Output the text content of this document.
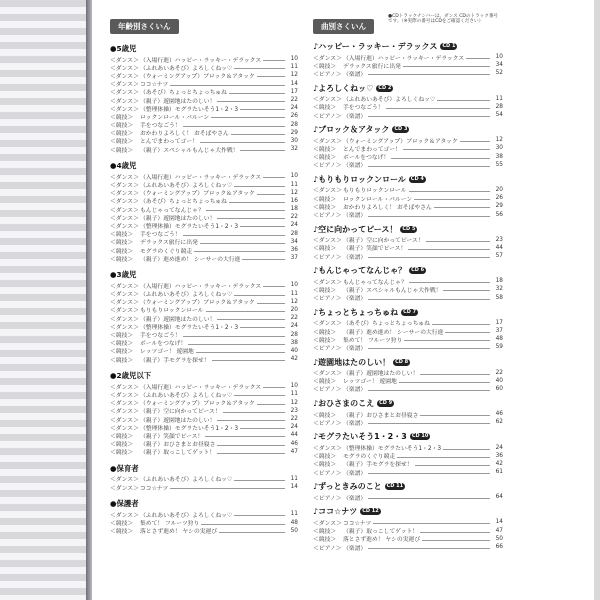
年齢別さくいん
●5歳児
＜ダンス＞ （入場行進）ハッピー・ラッキー・デラックス	10
＜ダンス＞ （ふれあいあそび）よろしくねッ♡	11
＜ダンス＞ （ウォーミングアップ）ブロック＆アタック	12
＜ダンス＞ ココ☆ナツ	14
＜ダンス＞ （あそび）ちょっとちょっちゅね	17
＜ダンス＞ （親子）遊園地はたのしい！	22
＜ダンス＞ （整理体操）モグラたいそう1・2・3	24
＜競技＞	ロックンロール・バルーン	26
＜競技＞	手をつなごう！	28
＜競技＞	おかわりよろしく！ おそばやさん	29
＜競技＞	とんでまわってゴー！	30
＜競技＞	（親子）スペシャルもんじゃ大作戦！	32
●4歳児
＜ダンス＞ （入場行進）ハッピー・ラッキー・デラックス	10
＜ダンス＞ （ふれあいあそび）よろしくねッ♡	11
＜ダンス＞ （ウォーミングアップ）ブロック＆アタック	12
＜ダンス＞ （あそび）ちょっとちょっちゅね	16
＜ダンス＞ もんじゃってなんじゃ？	18
＜ダンス＞ （親子）遊園地はたのしい！	22
＜ダンス＞ （整理体操）モグラたいそう1・2・3	24
＜競技＞	手をつなごう！	28
＜競技＞	デラックス旅行に出発	34
＜競技＞	モグラのくぐり競走	36
＜競技＞	（親子）進め進め！ シーサーの大行進	37
●3歳児
＜ダンス＞ （入場行進）ハッピー・ラッキー・デラックス	10
＜ダンス＞ （ふれあいあそび）よろしくねッ♡	11
＜ダンス＞ （ウォーミングアップ）ブロック＆アタック	12
＜ダンス＞ もりもりロックンロール	20
＜ダンス＞ （親子）遊園地はたのしい！	22
＜ダンス＞ （整理体操）モグラたいそう1・2・3	24
＜競技＞	手をつなごう！	28
＜競技＞	ボールをつなげ！	38
＜競技＞	レッツゴー！ 遊園地	40
＜競技＞	（親子）手モグラを探せ！	42
●2歳児以下
＜ダンス＞ （入場行進）ハッピー・ラッキー・デラックス	10
＜ダンス＞ （ふれあいあそび）よろしくねッ♡	11
＜ダンス＞ （ウォーミングアップ）ブロック＆アタック	12
＜ダンス＞ （親子）空に向かってピース！	23
＜ダンス＞ （親子）遊園地はたのしい！	22
＜ダンス＞ （整理体操）モグラたいそう1・2・3	24
＜競技＞	（親子）笑顔でピース！	44
＜競技＞	（親子）おひさまとお昼寝さ	46
＜競技＞	（親子）取っこしてゲット！	47
●保育者
＜ダンス＞ （ふれあいあそび）よろしくねッ♡	11
＜ダンス＞ ココ☆ナツ	14
●保護者
＜ダンス＞ （ふれあいあそび）よろしくねッ♡	11
＜競技＞	集めて！ フルーツ狩り	48
＜競技＞	落とさず進め！ ヤシの実運び	50
曲別さくいん
●CDトラックナンバーは、ダンス CDのトラック番号です。（※実際の番号はCDをご確認ください）
♪ハッピー・ラッキー・デラックス	CD 1
＜ダンス＞ （入場行進）ハッピー・ラッキー・デラックス	10
＜競技＞	デラックス旅行に出発	34
＜ピアノ＞ （楽譜）	52
♪よろしくねッ♡	CD 2
＜ダンス＞ （ふれあいあそび）よろしくねッ♡	11
＜競技＞	手をつなごう！	28
＜ピアノ＞ （楽譜）	54
♪ブロック＆アタック	CD 3
＜ダンス＞ （ウォーミングアップ）ブロック＆アタック	12
＜競技＞	とんでまわってゴー！	30
＜競技＞	ボールをつなげ！	38
＜ピアノ＞ （楽譜）	55
♪もりもりロックンロール	CD 4
＜ダンス＞ もりもりロックンロール	20
＜競技＞	ロックンロール・バルーン	26
＜競技＞	おかわりよろしく！ おそばやさん	29
＜ピアノ＞ （楽譜）	56
♪空に向かってピース！	CD 5
＜ダンス＞ （親子）空に向かってピース！	23
＜競技＞	（親子）笑顔でピース！	44
＜ピアノ＞ （楽譜）	57
♪もんじゃってなんじゃ？	CD 6
＜ダンス＞ もんじゃってなんじゃ？	18
＜競技＞	（親子）スペシャルもんじゃ大作戦！	32
＜ピアノ＞ （楽譜）	58
♪ちょっとちょっちゅね	CD 7
＜ダンス＞ （あそび）ちょっとちょっちゅね	17
＜競技＞	（親子）進め進め！ シーサーの大行進	37
＜競技＞	集めて！ フルーツ狩り	48
＜ピアノ＞ （楽譜）	59
♪遊園地はたのしい！	CD 8
＜ダンス＞ （親子）遊園地はたのしい！	22
＜競技＞	レッツゴー！ 遊園地	40
＜ピアノ＞ （楽譜）	60
♪おひさまのこえ	CD 9
＜競技＞	（親子）おひさまとお昼寝さ	46
＜ピアノ＞ （楽譜）	62
♪モグラたいそう1・2・3	CD 10
＜ダンス＞ （整理体操）モグラたいそう1・2・3	24
＜競技＞	モグラのくぐり競走	36
＜競技＞	（親子）手モグラを探せ！	42
＜ピアノ＞ （楽譜）	61
♪ずっときみのこと	CD 11
＜ピアノ＞ （楽譜）	64
♪ココ☆ナツ	CD 12
＜ダンス＞ ココ☆ナツ	14
＜競技＞	（親子）取っこしてゲット！	47
＜競技＞	落とさず進め！ ヤシの実運び	50
＜ピアノ＞ （楽譜）	66
